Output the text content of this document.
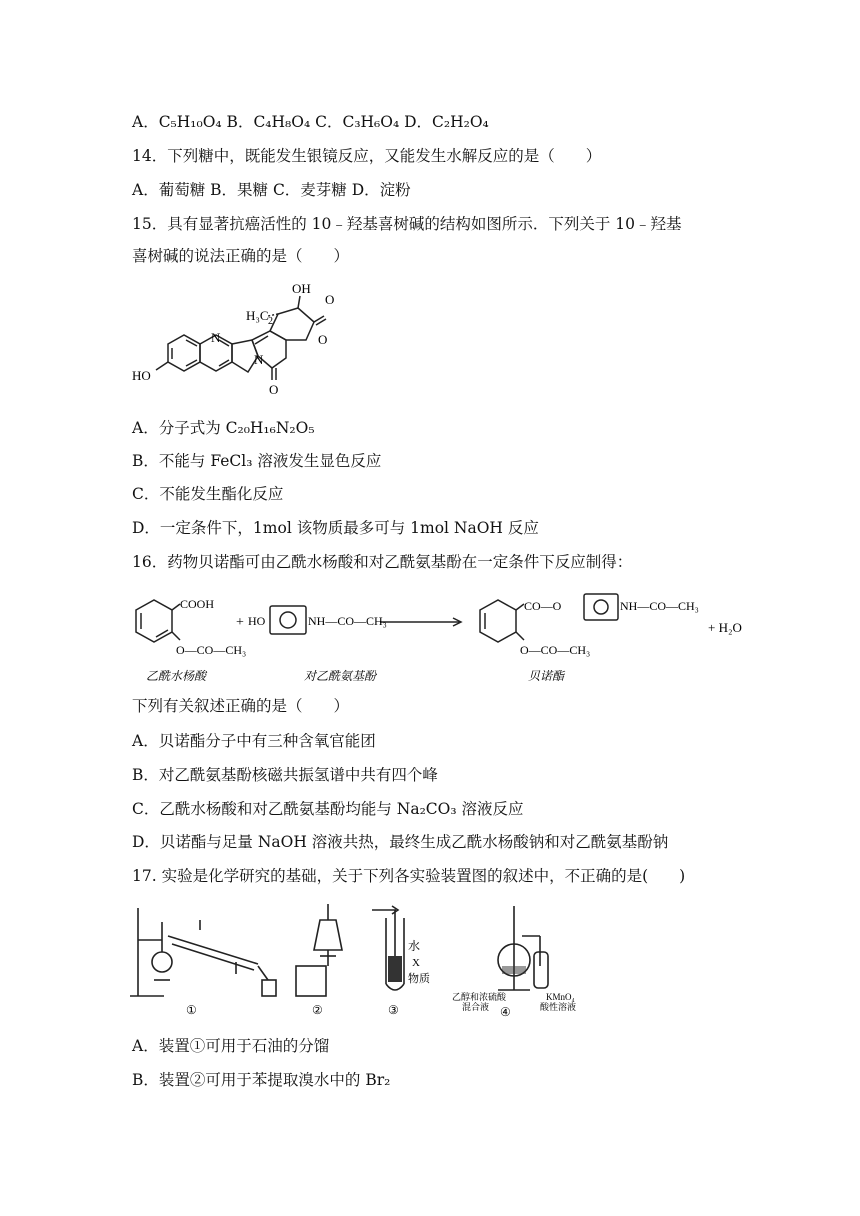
A．C₅H₁₀O₄ B．C₄H₈O₄ C．C₃H₆O₄ D．C₂H₂O₄
14．下列糖中，既能发生银镜反应，又能发生水解反应的是（　　）
A．葡萄糖 B．果糖 C．麦芽糖 D．淀粉
15．具有显著抗癌活性的 10﹣羟基喜树碱的结构如图所示．下列关于 10﹣羟基
喜树碱的说法正确的是（　　）
OH
H₃C 2
O
O
O
N
N
HO
A．分子式为 C₂₀H₁₆N₂O₅
B．不能与 FeCl₃ 溶液发生显色反应
C．不能发生酯化反应
D．一定条件下，1mol 该物质最多可与 1mol NaOH 反应
16．药物贝诺酯可由乙酰水杨酸和对乙酰氨基酚在一定条件下反应制得：
COOH
O—CO—CH₃
+ HO	NH—CO—CH₃
CO—O	NH—CO—CH₃
O—CO—CH₃
+ H₂O
乙酰水杨酸	对乙酰氨基酚	贝诺酯
下列有关叙述正确的是（　　）
A．贝诺酯分子中有三种含氧官能团
B．对乙酰氨基酚核磁共振氢谱中共有四个峰
C．乙酰水杨酸和对乙酰氨基酚均能与 Na₂CO₃ 溶液反应
D．贝诺酯与足量 NaOH 溶液共热，最终生成乙酰水杨酸钠和对乙酰氨基酚钠
17. 实验是化学研究的基础，关于下列各实验装置图的叙述中，不正确的是(　　)
水
X
物质
乙醇和浓硫酸
混合液
KMnO₄
酸性溶液
①	②	③	④
A．装置①可用于石油的分馏
B．装置②可用于苯提取溴水中的 Br₂
